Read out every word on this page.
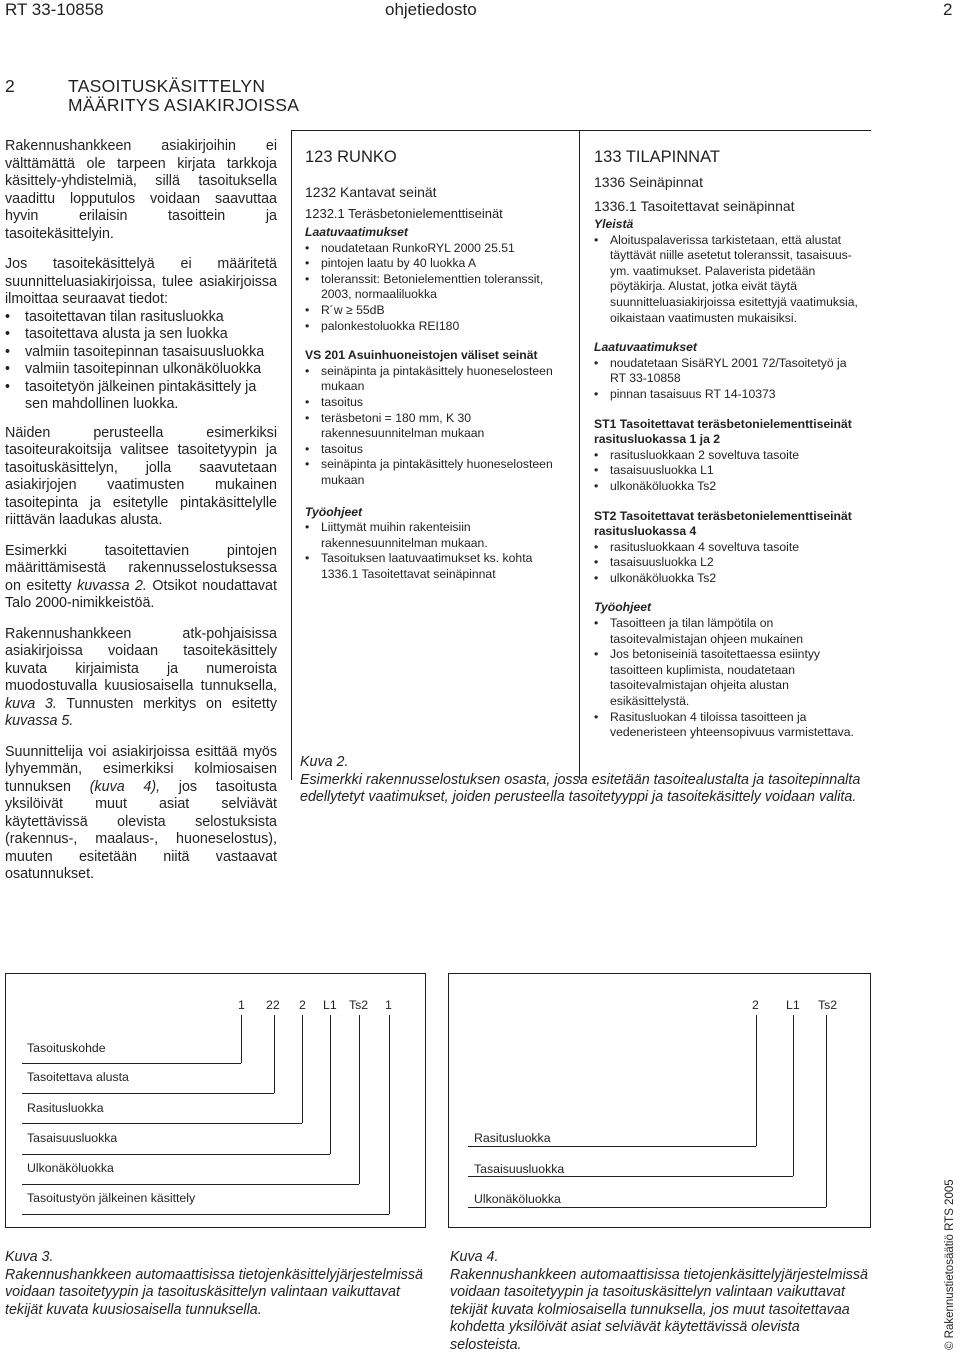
RT 33-10858	ohjetiedosto	2
2	TASOITUSKÄSITTELYN
MÄÄRITYS ASIAKIRJOISSA
Rakennushankkeen asiakirjoihin ei välttämättä ole tarpeen kirjata tarkkoja käsittely-yhdistelmiä, sillä tasoituksella vaadittu lopputulos voidaan saavuttaa hyvin erilaisin tasoittein ja tasoitekäsittelyin.
Jos tasoitekäsittelyä ei määritetä suunnitteluasiakirjoissa, tulee asiakirjoissa ilmoittaa seuraavat tiedot:
• tasoitettavan tilan rasitusluokka
• tasoitettava alusta ja sen luokka
• valmiin tasoitepinnan tasaisuusluokka
• valmiin tasoitepinnan ulkonäköluokka
• tasoitetyön jälkeinen pintakäsittely ja sen mahdollinen luokka.
Näiden perusteella esimerkiksi tasoiteurakoitsija valitsee tasoitetyypin ja tasoituskäsittelyn, jolla saavutetaan asiakirjojen vaatimusten mukainen tasoitepinta ja esitetylle pintakäsittelylle riittävän laadukas alusta.
Esimerkki tasoitettavien pintojen määrittämisestä rakennusselostuksessa on esitetty kuvassa 2. Otsikot noudattavat Talo 2000-nimikkeistöä.
Rakennushankkeen atk-pohjaisissa asiakirjoissa voidaan tasoitekäsittely kuvata kirjaimista ja numeroista muodostuvalla kuusiosaisella tunnuksella, kuva 3. Tunnusten merkitys on esitetty kuvassa 5.
Suunnittelija voi asiakirjoissa esittää myös lyhyemmän, esimerkiksi kolmiosaisen tunnuksen (kuva 4), jos tasoitusta yksilöivät muut asiat selviävät käytettävissä olevista selostuksista (rakennus-, maalaus-, huoneselostus), muuten esitetään niitä vastaavat osatunnukset.
123 RUNKO
1232 Kantavat seinät
1232.1 Teräsbetonielementtiseinät
Laatuvaatimukset
• noudatetaan RunkoRYL 2000 25.51
• pintojen laatu by 40 luokka A
• toleranssit: Betonielementtien toleranssit, 2003, normaaliluokka
• R´w ≥ 55dB
• palonkestoluokka REI180
VS 201 Asuinhuoneistojen väliset seinät
• seinäpinta ja pintakäsittely huoneselosteen mukaan
• tasoitus
• teräsbetoni = 180 mm, K 30 rakennesuunnitelman mukaan
• tasoitus
• seinäpinta ja pintakäsittely huoneselosteen mukaan
Työohjeet
• Liittymät muihin rakenteisiin rakennesuunnitelman mukaan.
• Tasoituksen laatuvaatimukset ks. kohta 1336.1 Tasoitettavat seinäpinnat
133 TILAPINNAT
1336 Seinäpinnat
1336.1 Tasoitettavat seinäpinnat
Yleistä
• Aloituspalaverissa tarkistetaan, että alustat täyttävät niille asetetut toleranssit, tasaisuus- ym. vaatimukset. Palaverista pidetään pöytäkirja. Alustat, jotka eivät täytä suunnitteluasiakirjoissa esitettyjä vaatimuksia, oikaistaan vaatimusten mukaisiksi.
Laatuvaatimukset
• noudatetaan SisäRYL 2001 72/Tasoitetyö ja RT 33-10858
• pinnan tasaisuus RT 14-10373
ST1 Tasoitettavat teräsbetonielementtiseinät rasitusluokassa 1 ja 2
• rasitusluokkaan 2 soveltuva tasoite
• tasaisuusluokka L1
• ulkonäköluokka Ts2
ST2 Tasoitettavat teräsbetonielementtiseinät rasitusluokassa 4
• rasitusluokkaan 4 soveltuva tasoite
• tasaisuusluokka L2
• ulkonäköluokka Ts2
Työohjeet
• Tasoitteen ja tilan lämpötila on tasoitevalmistajan ohjeen mukainen
• Jos betoniseiniä tasoitettaessa esiintyy tasoitteen kuplimista, noudatetaan tasoitevalmistajan ohjeita alustan esikäsittelystä.
• Rasitusluokan 4 tiloissa tasoitteen ja vedeneristeen yhteensopivuus varmistettava.
Kuva 2.
Esimerkki rakennusselostuksen osasta, jossa esitetään tasoitealustalta ja tasoitepinnalta edellytetyt vaatimukset, joiden perusteella tasoitetyyppi ja tasoitekäsittely voidaan valita.
1 22 2 L1 Ts2 1
Tasoituskohde
Tasoitettava alusta
Rasitusluokka
Tasaisuusluokka
Ulkonäköluokka
Tasoitustyön jälkeinen käsittely
2 L1 Ts2
Rasitusluokka
Tasaisuusluokka
Ulkonäköluokka
Kuva 3.
Rakennushankkeen automaattisissa tietojenkäsittelyjärjestelmissä voidaan tasoitetyypin ja tasoituskäsittelyn valintaan vaikuttavat tekijät kuvata kuusiosaisella tunnuksella.
Kuva 4.
Rakennushankkeen automaattisissa tietojenkäsittelyjärjestelmissä voidaan tasoitetyypin ja tasoituskäsittelyn valintaan vaikuttavat tekijät kuvata kolmiosaisella tunnuksella, jos muut tasoitettavaa kohdetta yksilöivät asiat selviävät käytettävissä olevista selosteista.	© Rakennustietosäätiö RTS 2005
